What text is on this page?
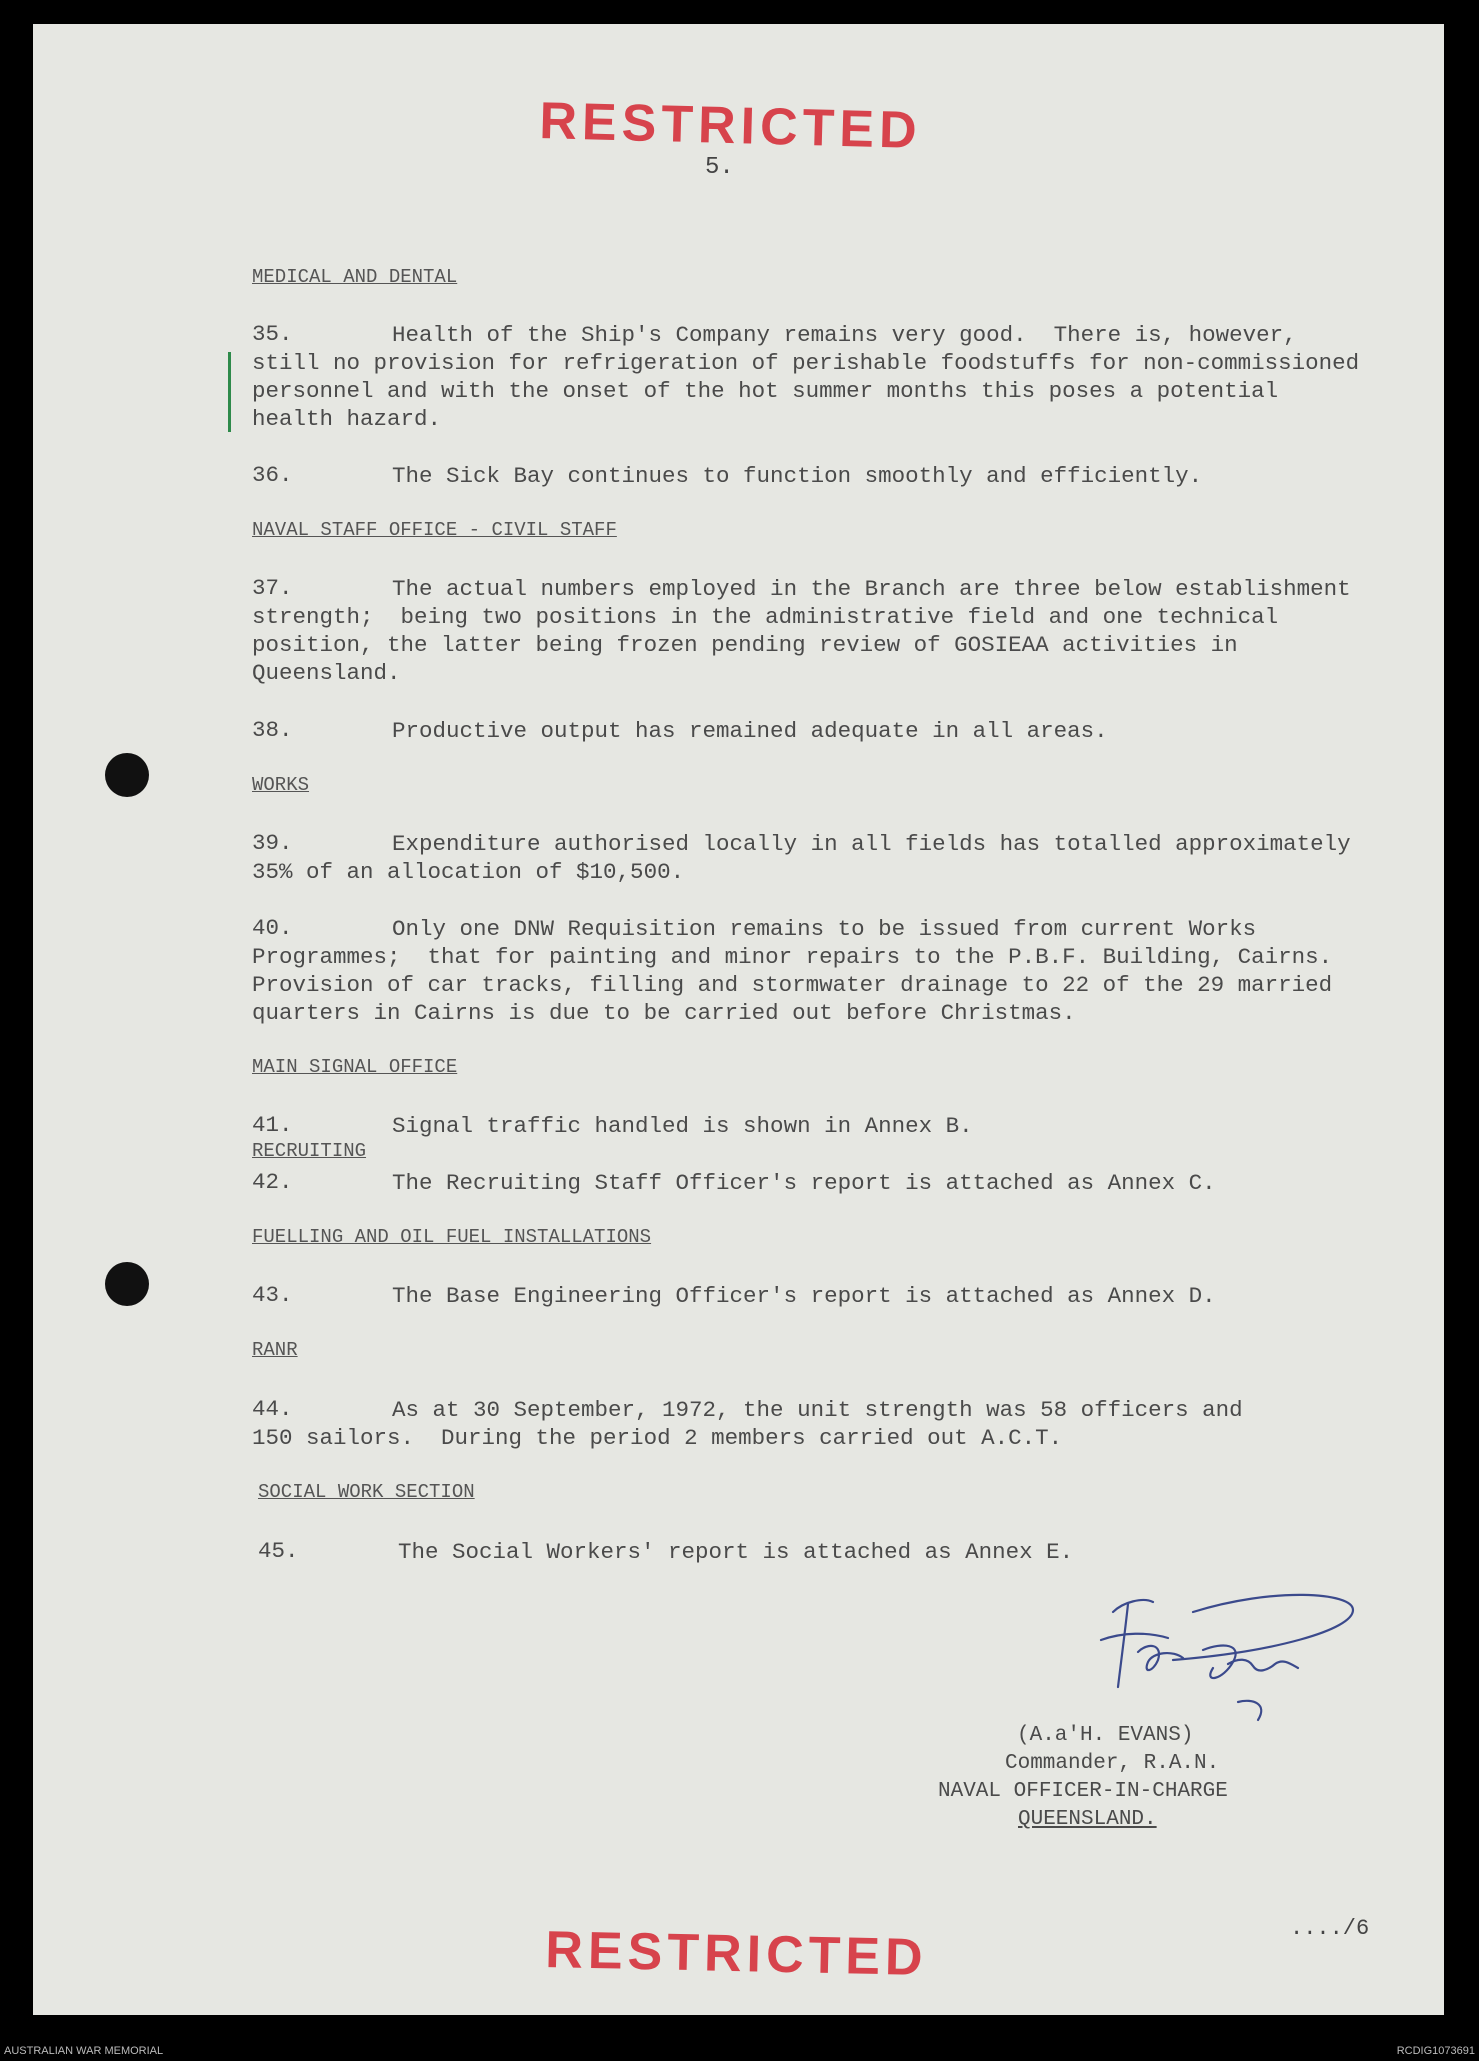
RESTRICTED
5.
MEDICAL AND DENTAL
35.	Health of the Ship's Company remains very good.  There is, however,
still no provision for refrigeration of perishable foodstuffs for non-commissioned
personnel and with the onset of the hot summer months this poses a potential
health hazard.
36.	The Sick Bay continues to function smoothly and efficiently.
NAVAL STAFF OFFICE - CIVIL STAFF
37.	The actual numbers employed in the Branch are three below establishment
strength;  being two positions in the administrative field and one technical
position, the latter being frozen pending review of GOSIEAA activities in
Queensland.
38.	Productive output has remained adequate in all areas.
WORKS
39.	Expenditure authorised locally in all fields has totalled approximately
35% of an allocation of $10,500.
40.	Only one DNW Requisition remains to be issued from current Works
Programmes;  that for painting and minor repairs to the P.B.F. Building, Cairns.
Provision of car tracks, filling and stormwater drainage to 22 of the 29 married
quarters in Cairns is due to be carried out before Christmas.
MAIN SIGNAL OFFICE
41.	Signal traffic handled is shown in Annex B.
RECRUITING
42.	The Recruiting Staff Officer's report is attached as Annex C.
FUELLING AND OIL FUEL INSTALLATIONS
43.	The Base Engineering Officer's report is attached as Annex D.
RANR
44.	As at 30 September, 1972, the unit strength was 58 officers and
150 sailors.  During the period 2 members carried out A.C.T.
SOCIAL WORK SECTION
45.	The Social Workers' report is attached as Annex E.
(A.a'H. EVANS)
Commander, R.A.N.
NAVAL OFFICER-IN-CHARGE
QUEENSLAND.
..../6
RESTRICTED
AUSTRALIAN WAR MEMORIAL	RCDIG1073691
